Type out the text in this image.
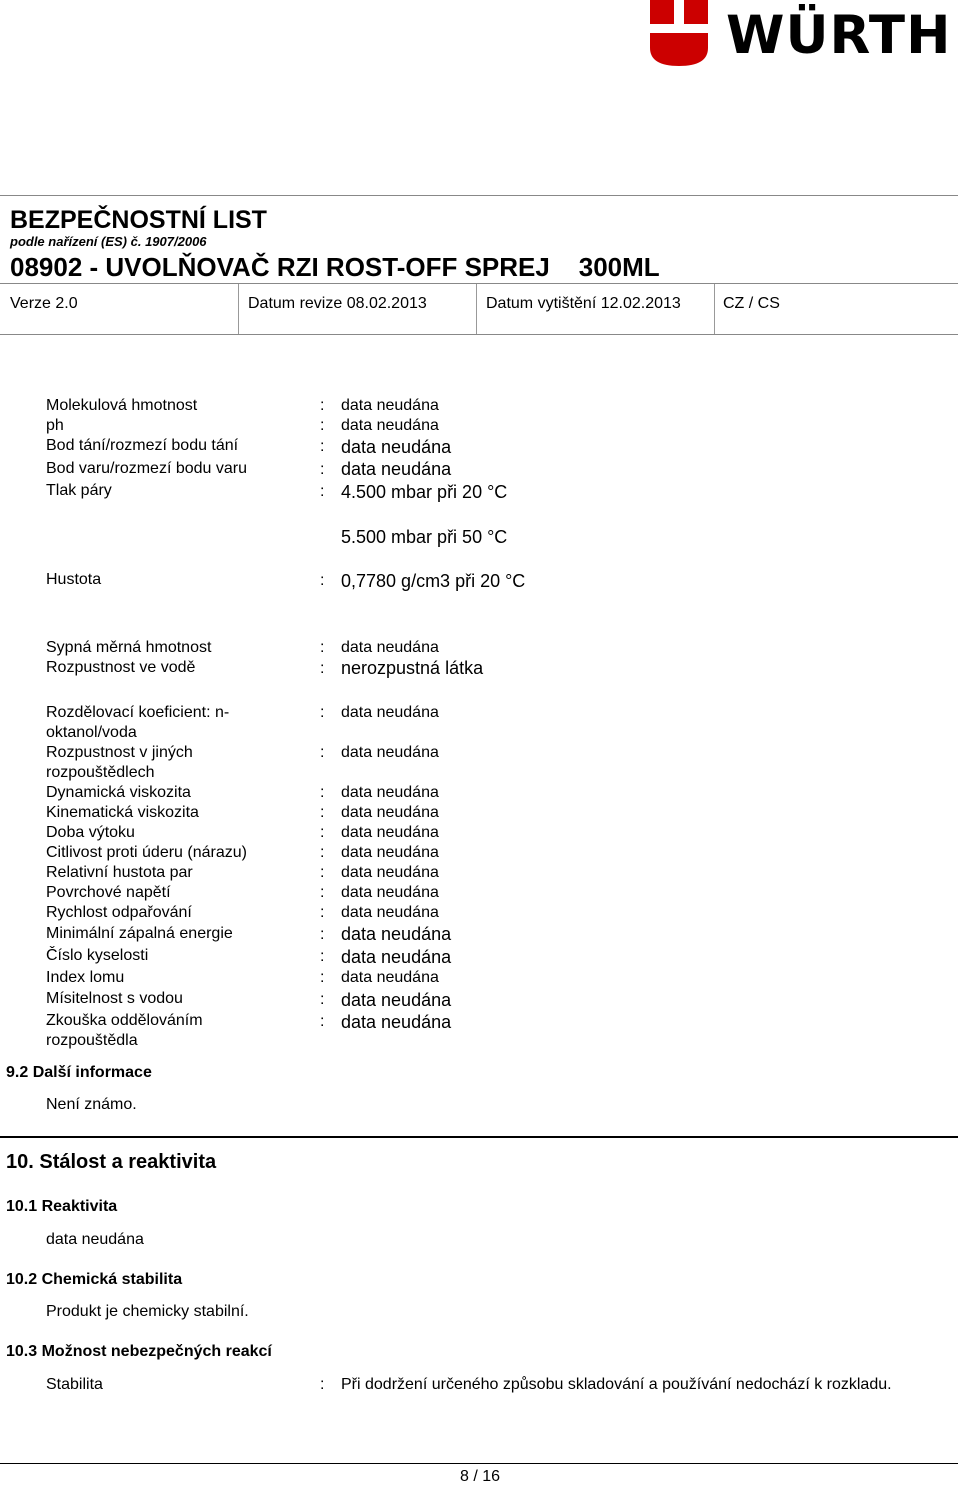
WÜRTH
BEZPEČNOSTNÍ LIST
podle nařízení (ES) č. 1907/2006
08902 - UVOLŇOVAČ RZI ROST-OFF SPREJ    300ML
Verze 2.0	Datum revize 08.02.2013	Datum vytištění 12.02.2013	CZ / CS
Molekulová hmotnost	: data neudána
ph	: data neudána
Bod tání/rozmezí bodu tání	: data neudána
Bod varu/rozmezí bodu varu	: data neudána
Tlak páry	: 4.500 mbar při 20 °C
5.500 mbar při 50 °C
Hustota	: 0,7780 g/cm3 při 20 °C
Sypná měrná hmotnost	: data neudána
Rozpustnost ve vodě	: nerozpustná látka
Rozdělovací koeficient: n-oktanol/voda
: data neudána
Rozpustnost v jiných rozpouštědlech
: data neudána
Dynamická viskozita	: data neudána
Kinematická viskozita	: data neudána
Doba výtoku	: data neudána
Citlivost proti úderu (nárazu)	: data neudána
Relativní hustota par	: data neudána
Povrchové napětí	: data neudána
Rychlost odpařování	: data neudána
Minimální zápalná energie	: data neudána
Číslo kyselosti	: data neudána
Index lomu	: data neudána
Mísitelnost s vodou	: data neudána
Zkouška oddělováním rozpouštědla
: data neudána
9.2 Další informace
Není známo.
10. Stálost a reaktivita
10.1 Reaktivita
data neudána
10.2 Chemická stabilita
Produkt je chemicky stabilní.
10.3 Možnost nebezpečných reakcí
Stabilita	: Při dodržení určeného způsobu skladování a používání nedochází k rozkladu.
8 / 16
